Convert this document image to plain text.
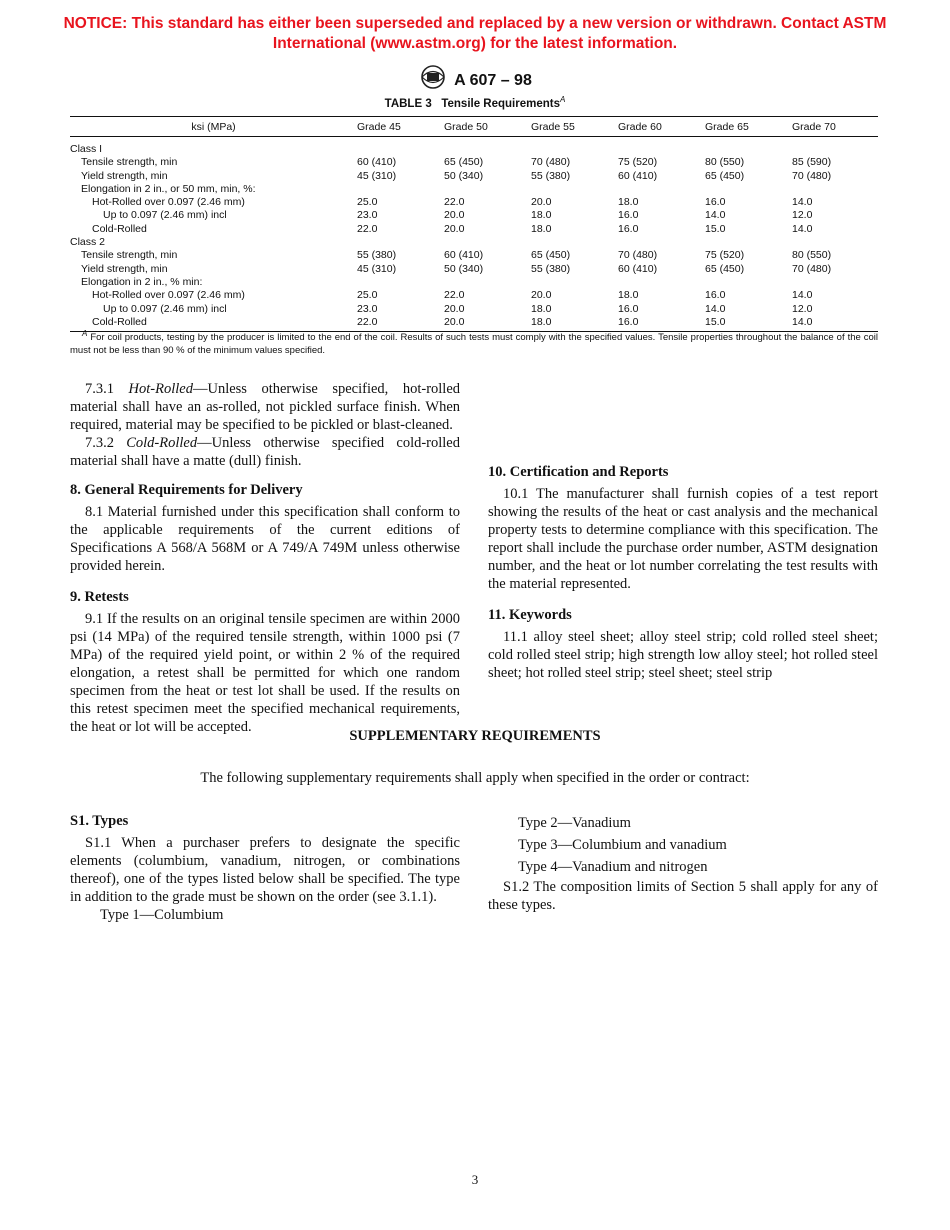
NOTICE: This standard has either been superseded and replaced by a new version or withdrawn. Contact ASTM International (www.astm.org) for the latest information.
A 607 – 98
TABLE 3 Tensile Requirements$^A$
ksi (MPa)	Grade 45	Grade 50	Grade 55	Grade 60	Grade 65	Grade 70
Class I						
Tensile strength, min	60 (410)	65 (450)	70 (480)	75 (520)	80 (550)	85 (590)
Yield strength, min	45 (310)	50 (340)	55 (380)	60 (410)	65 (450)	70 (480)
Elongation in 2 in., or 50 mm, min, %:						
Hot-Rolled over 0.097 (2.46 mm)	25.0	22.0	20.0	18.0	16.0	14.0
Up to 0.097 (2.46 mm) incl	23.0	20.0	18.0	16.0	14.0	12.0
Cold-Rolled	22.0	20.0	18.0	16.0	15.0	14.0
Class 2						
Tensile strength, min	55 (380)	60 (410)	65 (450)	70 (480)	75 (520)	80 (550)
Yield strength, min	45 (310)	50 (340)	55 (380)	60 (410)	65 (450)	70 (480)
Elongation in 2 in., % min:						
Hot-Rolled over 0.097 (2.46 mm)	25.0	22.0	20.0	18.0	16.0	14.0
Up to 0.097 (2.46 mm) incl	23.0	20.0	18.0	16.0	14.0	12.0
Cold-Rolled	22.0	20.0	18.0	16.0	15.0	14.0
$^A$ For coil products, testing by the producer is limited to the end of the coil. Results of such tests must comply with the specified values. Tensile properties throughout the balance of the coil must not be less than 90 % of the minimum values specified.

7.3.1 Hot-Rolled—Unless otherwise specified, hot-rolled material shall have an as-rolled, not pickled surface finish. When required, material may be specified to be pickled or blast-cleaned.

7.3.2 Cold-Rolled—Unless otherwise specified cold-rolled material shall have a matte (dull) finish.

8. General Requirements for Delivery

8.1 Material furnished under this specification shall conform to the applicable requirements of the current editions of Specifications A 568/A 568M or A 749/A 749M unless otherwise provided herein.

9. Retests

9.1 If the results on an original tensile specimen are within 2000 psi (14 MPa) of the required tensile strength, within 1000 psi (7 MPa) of the required yield point, or within 2 % of the required elongation, a retest shall be permitted for which one random specimen from the heat or test lot shall be used. If the results on this retest specimen meet the specified mechanical requirements, the heat or lot will be accepted.

10. Certification and Reports

10.1 The manufacturer shall furnish copies of a test report showing the results of the heat or cast analysis and the mechanical property tests to determine compliance with this specification. The report shall include the purchase order number, ASTM designation number, and the heat or lot number correlating the test results with the material represented.

11. Keywords

11.1 alloy steel sheet; alloy steel strip; cold rolled steel sheet; cold rolled steel strip; high strength low alloy steel; hot rolled steel sheet; hot rolled steel strip; steel sheet; steel strip

SUPPLEMENTARY REQUIREMENTS
The following supplementary requirements shall apply when specified in the order or contract:
S1. Types

S1.1 When a purchaser prefers to designate the specific elements (columbium, vanadium, nitrogen, or combinations thereof), one of the types listed below shall be specified. The type in addition to the grade must be shown on the order (see 3.1.1).

Type 1—Columbium

Type 2—Vanadium

Type 3—Columbium and vanadium

Type 4—Vanadium and nitrogen

S1.2 The composition limits of Section 5 shall apply for any of these types.

3
